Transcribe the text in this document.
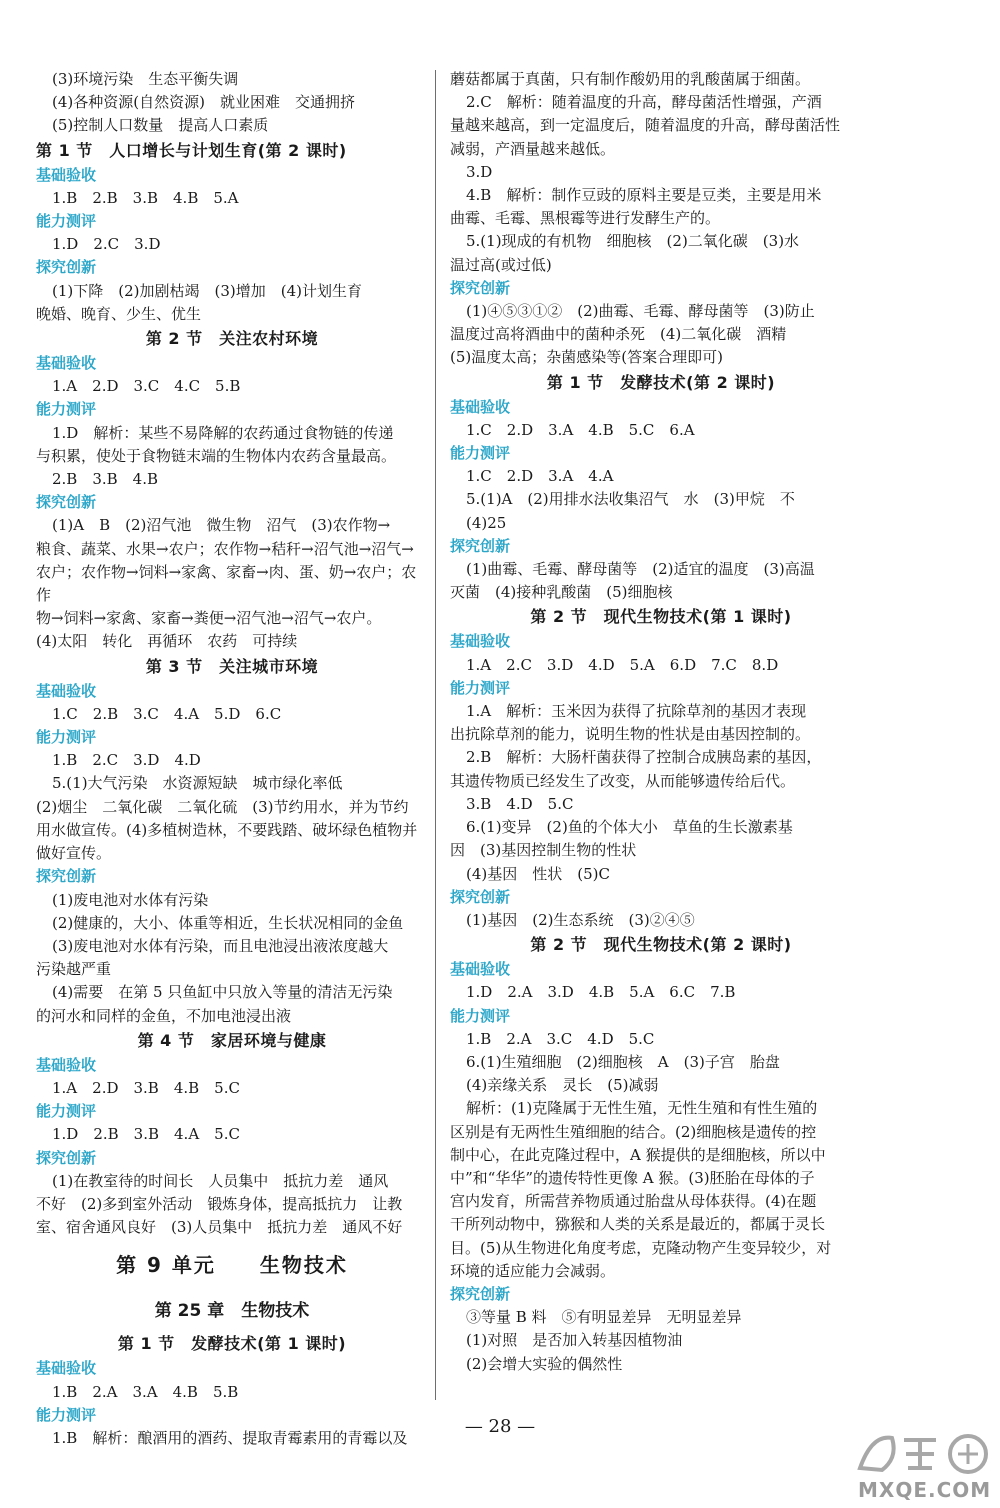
(3)环境污染　生态平衡失调
(4)各种资源(自然资源)　就业困难　交通拥挤
(5)控制人口数量　提高人口素质
第 1 节　人口增长与计划生育(第 2 课时)
基础验收
1.B　2.B　3.B　4.B　5.A
能力测评
1.D　2.C　3.D
探究创新
(1)下降　(2)加剧枯竭　(3)增加　(4)计划生育
晚婚、晚育、少生、优生
第 2 节　关注农村环境
基础验收
1.A　2.D　3.C　4.C　5.B
能力测评
1.D　解析：某些不易降解的农药通过食物链的传递
与积累，使处于食物链末端的生物体内农药含量最高。
2.B　3.B　4.B
探究创新
(1)A　B　(2)沼气池　微生物　沼气　(3)农作物→
粮食、蔬菜、水果→农户；农作物→秸秆→沼气池→沼气→
农户；农作物→饲料→家禽、家畜→肉、蛋、奶→农户；农作
物→饲料→家禽、家畜→粪便→沼气池→沼气→农户。
(4)太阳　转化　再循环　农药　可持续
第 3 节　关注城市环境
基础验收
1.C　2.B　3.C　4.A　5.D　6.C
能力测评
1.B　2.C　3.D　4.D
5.(1)大气污染　水资源短缺　城市绿化率低
(2)烟尘　二氧化碳　二氧化硫　(3)节约用水，并为节约
用水做宣传。(4)多植树造林，不要践踏、破坏绿色植物并
做好宣传。
探究创新
(1)废电池对水体有污染
(2)健康的，大小、体重等相近，生长状况相同的金鱼
(3)废电池对水体有污染，而且电池浸出液浓度越大
污染越严重
(4)需要　在第 5 只鱼缸中只放入等量的清洁无污染
的河水和同样的金鱼，不加电池浸出液
第 4 节　家居环境与健康
基础验收
1.A　2.D　3.B　4.B　5.C
能力测评
1.D　2.B　3.B　4.A　5.C
探究创新
(1)在教室待的时间长　人员集中　抵抗力差　通风
不好　(2)多到室外活动　锻炼身体，提高抵抗力　让教
室、宿舍通风良好　(3)人员集中　抵抗力差　通风不好
第 9 单元　　生物技术
第 25 章　生物技术
第 1 节　发酵技术(第 1 课时)
基础验收
1.B　2.A　3.A　4.B　5.B
能力测评
1.B　解析：酿酒用的酒药、提取青霉素用的青霉以及
蘑菇都属于真菌，只有制作酸奶用的乳酸菌属于细菌。
2.C　解析：随着温度的升高，酵母菌活性增强，产酒
量越来越高，到一定温度后，随着温度的升高，酵母菌活性
减弱，产酒量越来越低。
3.D
4.B　解析：制作豆豉的原料主要是豆类，主要是用米
曲霉、毛霉、黑根霉等进行发酵生产的。
5.(1)现成的有机物　细胞核　(2)二氧化碳　(3)水
温过高(或过低)
探究创新
(1)④⑤③①②　(2)曲霉、毛霉、酵母菌等　(3)防止
温度过高将酒曲中的菌种杀死　(4)二氧化碳　酒精
(5)温度太高；杂菌感染等(答案合理即可)
第 1 节　发酵技术(第 2 课时)
基础验收
1.C　2.D　3.A　4.B　5.C　6.A
能力测评
1.C　2.D　3.A　4.A
5.(1)A　(2)用排水法收集沼气　水　(3)甲烷　不
(4)25
探究创新
(1)曲霉、毛霉、酵母菌等　(2)适宜的温度　(3)高温
灭菌　(4)接种乳酸菌　(5)细胞核
第 2 节　现代生物技术(第 1 课时)
基础验收
1.A　2.C　3.D　4.D　5.A　6.D　7.C　8.D
能力测评
1.A　解析：玉米因为获得了抗除草剂的基因才表现
出抗除草剂的能力，说明生物的性状是由基因控制的。
2.B　解析：大肠杆菌获得了控制合成胰岛素的基因，
其遗传物质已经发生了改变，从而能够遗传给后代。
3.B　4.D　5.C
6.(1)变异　(2)鱼的个体大小　草鱼的生长激素基
因　(3)基因控制生物的性状
(4)基因　性状　(5)C
探究创新
(1)基因　(2)生态系统　(3)②④⑤
第 2 节　现代生物技术(第 2 课时)
基础验收
1.D　2.A　3.D　4.B　5.A　6.C　7.B
能力测评
1.B　2.A　3.C　4.D　5.C
6.(1)生殖细胞　(2)细胞核　A　(3)子宫　胎盘
(4)亲缘关系　灵长　(5)减弱
解析：(1)克隆属于无性生殖，无性生殖和有性生殖的
区别是有无两性生殖细胞的结合。(2)细胞核是遗传的控
制中心，在此克隆过程中，A 猴提供的是细胞核，所以中
中”和“华华”的遗传特性更像 A 猴。(3)胚胎在母体的子
宫内发育，所需营养物质通过胎盘从母体获得。(4)在题
干所列动物中，猕猴和人类的关系是最近的，都属于灵长
目。(5)从生物进化角度考虑，克隆动物产生变异较少，对
环境的适应能力会减弱。
探究创新
③等量 B 料　⑤有明显差异　无明显差异
(1)对照　是否加入转基因植物油
(2)会增大实验的偶然性
— 28 —
MXQE.COM
